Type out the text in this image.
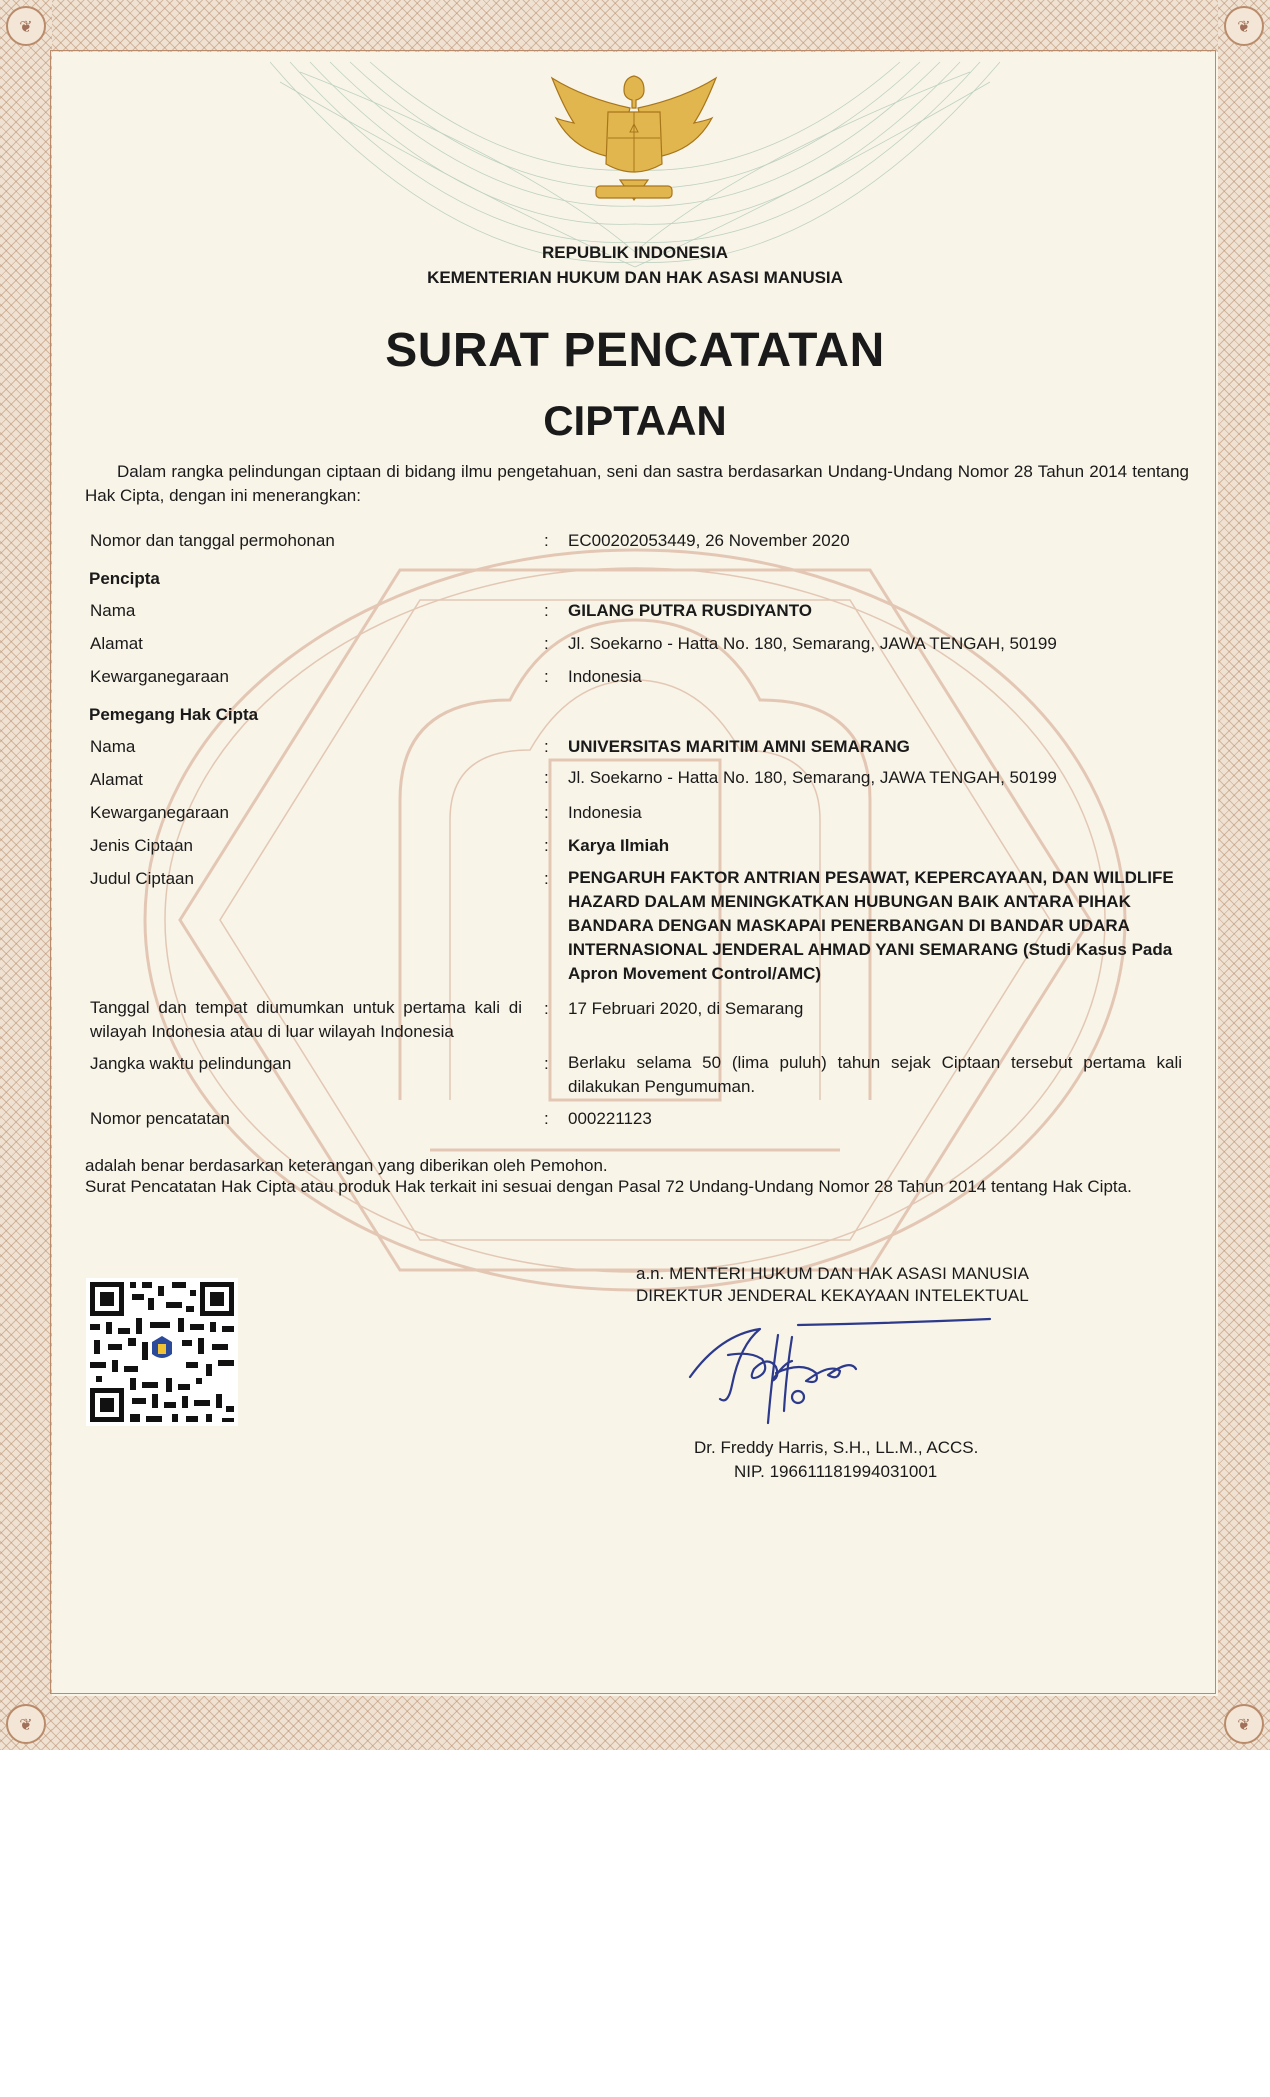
❦	❦
❦	❦
REPUBLIK INDONESIA
KEMENTERIAN HUKUM DAN HAK ASASI MANUSIA
SURAT PENCATATAN
CIPTAAN
Dalam rangka pelindungan ciptaan di bidang ilmu pengetahuan, seni dan sastra berdasarkan Undang-Undang Nomor 28 Tahun 2014 tentang Hak Cipta, dengan ini menerangkan:
Nomor dan tanggal permohonan	: EC00202053449, 26 November 2020
Pencipta
Nama	: GILANG PUTRA RUSDIYANTO
Alamat	: Jl. Soekarno - Hatta No. 180, Semarang, JAWA TENGAH, 50199
Kewarganegaraan	: Indonesia
Pemegang Hak Cipta
Nama	: UNIVERSITAS MARITIM AMNI SEMARANG
Alamat	: Jl. Soekarno - Hatta No. 180, Semarang, JAWA TENGAH, 50199
Kewarganegaraan	: Indonesia
Jenis Ciptaan	: Karya Ilmiah
Judul Ciptaan	: PENGARUH FAKTOR ANTRIAN PESAWAT, KEPERCAYAAN, DAN WILDLIFE HAZARD DALAM MENINGKATKAN HUBUNGAN BAIK ANTARA PIHAK BANDARA DENGAN MASKAPAI PENERBANGAN DI BANDAR UDARA INTERNASIONAL JENDERAL AHMAD YANI SEMARANG (Studi Kasus Pada Apron Movement Control/AMC)
Tanggal dan tempat diumumkan untuk pertama kali di wilayah Indonesia atau di luar wilayah Indonesia
: 17 Februari 2020, di Semarang
Jangka waktu pelindungan	: Berlaku selama 50 (lima puluh) tahun sejak Ciptaan tersebut pertama kali dilakukan Pengumuman.
Nomor pencatatan	: 000221123
adalah benar berdasarkan keterangan yang diberikan oleh Pemohon.
Surat Pencatatan Hak Cipta atau produk Hak terkait ini sesuai dengan Pasal 72 Undang-Undang Nomor 28 Tahun 2014 tentang Hak Cipta.
a.n. MENTERI HUKUM DAN HAK ASASI MANUSIA
DIREKTUR JENDERAL KEKAYAAN INTELEKTUAL
Dr. Freddy Harris, S.H., LL.M., ACCS.
NIP. 196611181994031001
